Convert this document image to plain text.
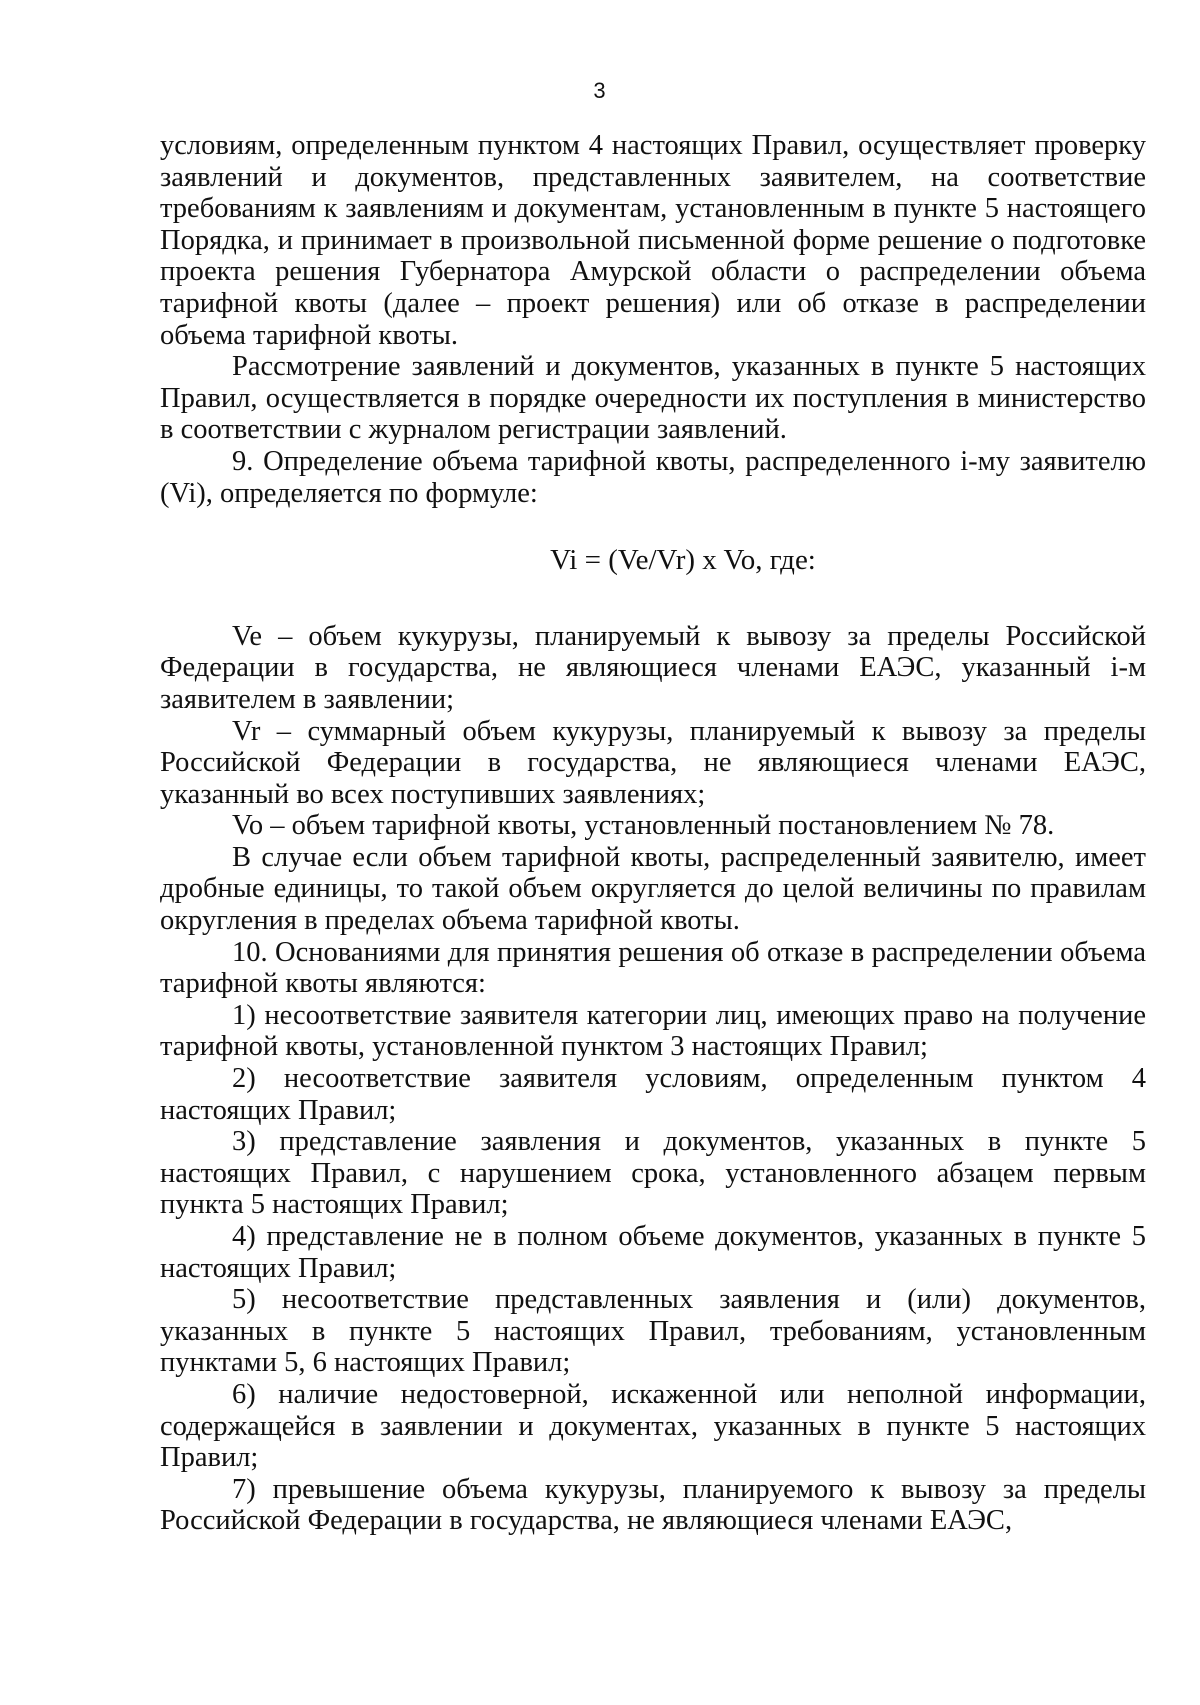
3

условиям, определенным пунктом 4 настоящих Правил, осуществляет проверку заявлений и документов, представленных заявителем, на соответствие требованиям к заявлениям и документам, установленным в пункте 5 настоящего Порядка, и принимает в произвольной письменной форме решение о подготовке проекта решения Губернатора Амурской области о распределении объема тарифной квоты (далее – проект решения) или об отказе в распределении объема тарифной квоты.

Рассмотрение заявлений и документов, указанных в пункте 5 настоящих Правил, осуществляется в порядке очередности их поступления в министерство в соответствии с журналом регистрации заявлений.

9. Определение объема тарифной квоты, распределенного i-му заявителю (Vi), определяется по формуле:

Vi = (Ve/Vr) x Vo, где:

Ve – объем кукурузы, планируемый к вывозу за пределы Российской Федерации в государства, не являющиеся членами ЕАЭС, указанный i-м заявителем в заявлении;

Vr – суммарный объем кукурузы, планируемый к вывозу за пределы Российской Федерации в государства, не являющиеся членами ЕАЭС, указанный во всех поступивших заявлениях;

Vo – объем тарифной квоты, установленный постановлением № 78.

В случае если объем тарифной квоты, распределенный заявителю, имеет дробные единицы, то такой объем округляется до целой величины по правилам округления в пределах объема тарифной квоты.

10. Основаниями для принятия решения об отказе в распределении объема тарифной квоты являются:

1) несоответствие заявителя категории лиц, имеющих право на получение тарифной квоты, установленной пунктом 3 настоящих Правил;

2) несоответствие заявителя условиям, определенным пунктом 4 настоящих Правил;

3) представление заявления и документов, указанных в пункте 5 настоящих Правил, с нарушением срока, установленного абзацем первым пункта 5 настоящих Правил;

4) представление не в полном объеме документов, указанных в пункте 5 настоящих Правил;

5) несоответствие представленных заявления и (или) документов, указанных в пункте 5 настоящих Правил, требованиям, установленным пунктами 5, 6 настоящих Правил;

6) наличие недостоверной, искаженной или неполной информации, содержащейся в заявлении и документах, указанных в пункте 5 настоящих Правил;

7) превышение объема кукурузы, планируемого к вывозу за пределы Российской Федерации в государства, не являющиеся членами ЕАЭС,
